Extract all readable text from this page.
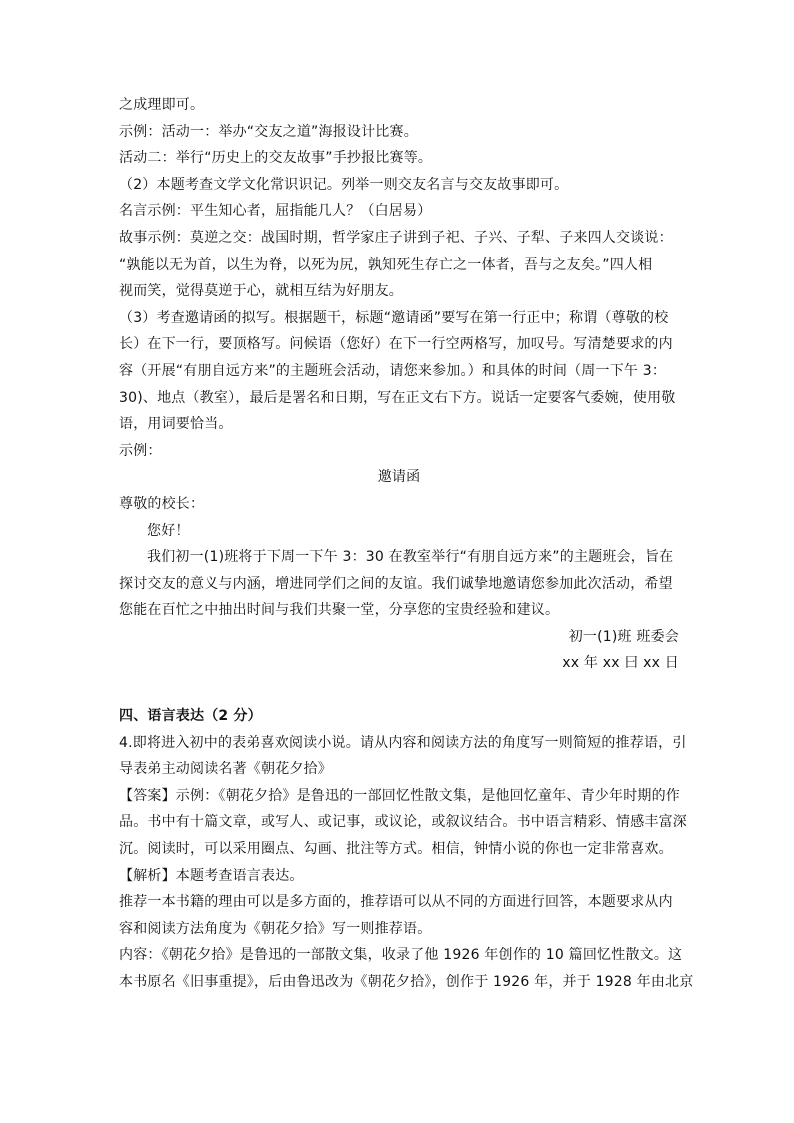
之成理即可。
示例：活动一：举办“交友之道”海报设计比赛。
活动二：举行“历史上的交友故事”手抄报比赛等。
（2）本题考查文学文化常识识记。列举一则交友名言与交友故事即可。
名言示例：平生知心者，屈指能几人？（白居易）
故事示例：莫逆之交：战国时期，哲学家庄子讲到子祀、子兴、子犁、子来四人交谈说：
“孰能以无为首，以生为脊，以死为尻，孰知死生存亡之一体者，吾与之友矣。”四人相
视而笑，觉得莫逆于心，就相互结为好朋友。
（3）考查邀请函的拟写。根据题干，标题“邀请函”要写在第一行正中；称谓（尊敬的校
长）在下一行，要顶格写。问候语（您好）在下一行空两格写，加叹号。写清楚要求的内
容（开展“有朋自远方来”的主题班会活动，请您来参加。）和具体的时间（周一下午 3：
30)、地点（教室），最后是署名和日期，写在正文右下方。说话一定要客气委婉，使用敬
语，用词要恰当。
示例：
邀请函
尊敬的校长：
您好！
我们初一(1)班将于下周一下午 3：30 在教室举行“有朋自远方来”的主题班会，旨在
探讨交友的意义与内涵，增进同学们之间的友谊。我们诚挚地邀请您参加此次活动，希望
您能在百忙之中抽出时间与我们共聚一堂，分享您的宝贵经验和建议。
初一(1)班 班委会
xx 年 xx 曰 xx 日
四、语言表达（2 分）
4.即将进入初中的表弟喜欢阅读小说。请从内容和阅读方法的角度写一则简短的推荐语，引
导表弟主动阅读名著《朝花夕拾》
【答案】示例：《朝花夕拾》是鲁迅的一部回忆性散文集，是他回忆童年、青少年时期的作
品。书中有十篇文章，或写人、或记事，或议论，或叙议结合。书中语言精彩、情感丰富深
沉。阅读时，可以采用圈点、勾画、批注等方式。相信，钟情小说的你也一定非常喜欢。
【解析】本题考查语言表达。
推荐一本书籍的理由可以是多方面的，推荐语可以从不同的方面进行回答，本题要求从内
容和阅读方法角度为《朝花夕拾》写一则推荐语。
内容：《朝花夕拾》是鲁迅的一部散文集，收录了他 1926 年创作的 10 篇回忆性散文。这
本书原名《旧事重提》，后由鲁迅改为《朝花夕拾》，创作于 1926 年，并于 1928 年由北京
